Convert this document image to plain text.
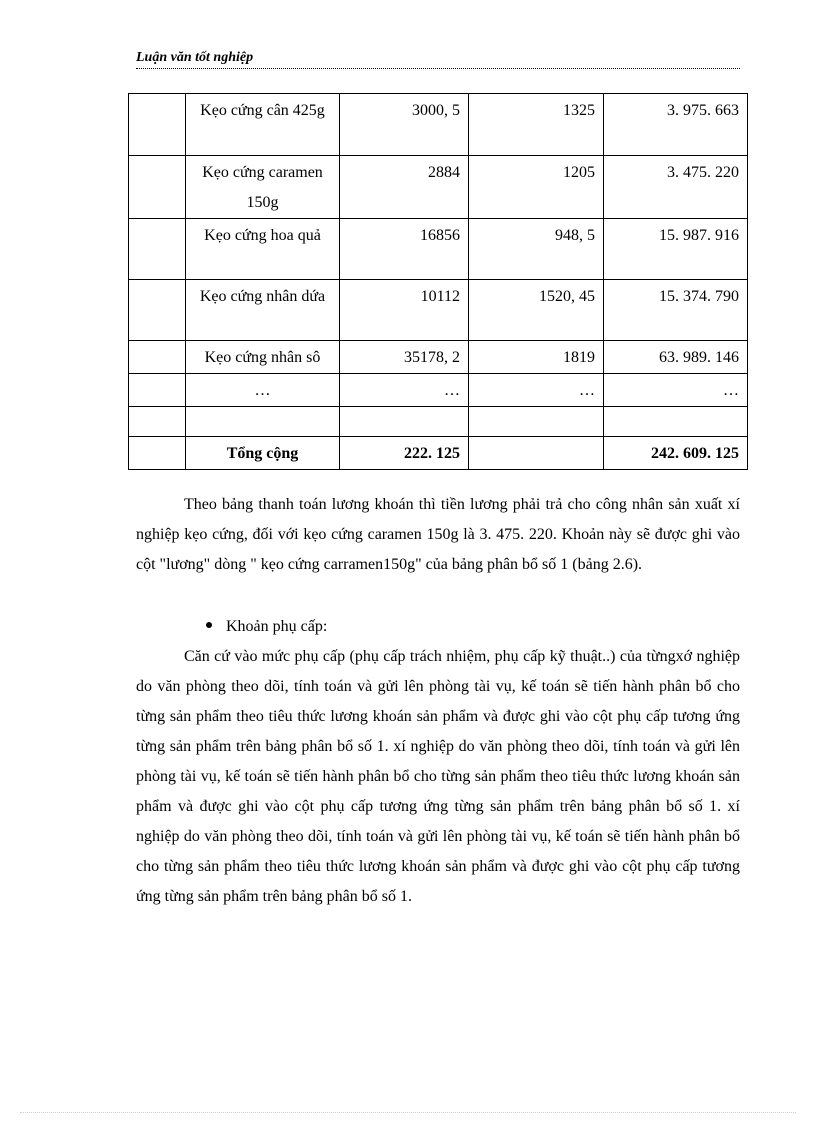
Luận văn tốt nghiệp
	Kẹo cứng cân 425g	3000, 5	1325	3. 975. 663
	Kẹo cứng caramen 150g	2884	1205	3. 475. 220
	Kẹo cứng hoa quả	16856	948, 5	15. 987. 916
	Kẹo cứng nhân dứa	10112	1520, 45	15. 374. 790
	Kẹo cứng nhân sô	35178, 2	1819	63. 989. 146
	…	…	…	…

	Tổng cộng	222. 125		242. 609. 125

Theo bảng thanh toán lương khoán thì tiền lương phải trả cho công nhân sản xuất xí nghiệp kẹo cứng, đối với kẹo cứng caramen 150g là 3. 475. 220. Khoản này sẽ được ghi vào cột "lương" dòng " kẹo cứng carramen150g" của bảng phân bổ số 1 (bảng 2.6).

Khoản phụ cấp:

Căn cứ vào mức phụ cấp (phụ cấp trách nhiệm, phụ cấp kỹ thuật..) của từngxớ nghiệp do văn phòng theo dõi, tính toán và gửi lên phòng tài vụ, kế toán sẽ tiến hành phân bổ cho từng sản phẩm theo tiêu thức lương khoán sản phẩm và được ghi vào cột phụ cấp tương ứng từng sản phẩm trên bảng phân bổ số 1. xí nghiệp do văn phòng theo dõi, tính toán và gửi lên phòng tài vụ, kế toán sẽ tiến hành phân bổ cho từng sản phẩm theo tiêu thức lương khoán sản phẩm và được ghi vào cột phụ cấp tương ứng từng sản phẩm trên bảng phân bổ số 1. xí nghiệp do văn phòng theo dõi, tính toán và gửi lên phòng tài vụ, kế toán sẽ tiến hành phân bổ cho từng sản phẩm theo tiêu thức lương khoán sản phẩm và được ghi vào cột phụ cấp tương ứng từng sản phẩm trên bảng phân bổ số 1.
